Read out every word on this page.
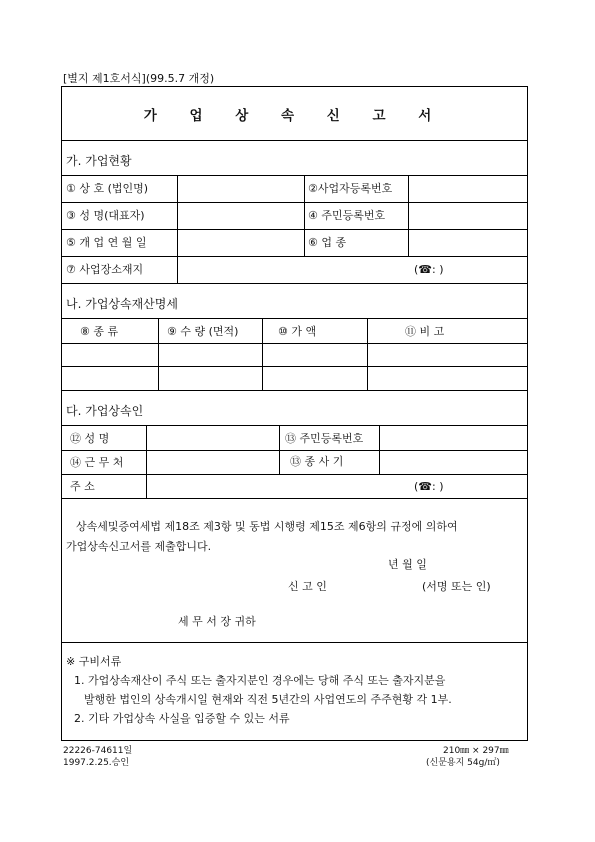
[별지 제1호서식](99.5.7 개정)
가 업 상 속 신 고 서
가. 가업현황
① 상 호 (법인명)	②사업자등록번호
③ 성 명(대표자)	④ 주민등록번호
⑤ 개 업 연 월 일	⑥ 업 종
⑦ 사업장소재지	(☎: )
나. 가업상속재산명세
⑧ 종 류	⑨ 수 량 (면적)	⑩ 가 액	⑪ 비 고
다. 가업상속인
⑫ 성 명	⑬ 주민등록번호
⑭ 근 무 처	⑬ 종 사 기
주 소	(☎: )
상속세및증여세법 제18조 제3항 및 동법 시행령 제15조 제6항의 규정에 의하여
가업상속신고서를 제출합니다.
년 월 일
신 고 인	(서명 또는 인)
세 무 서 장 귀하
※ 구비서류
1. 가업상속재산이 주식 또는 출자지분인 경우에는 당해 주식 또는 출자지분을
발행한 법인의 상속개시일 현재와 직전 5년간의 사업연도의 주주현황 각 1부.
2. 기타 가업상속 사실을 입증할 수 있는 서류
22226-74611일
1997.2.25.승인
210㎜ × 297㎜
(신문용지 54g/㎡)
